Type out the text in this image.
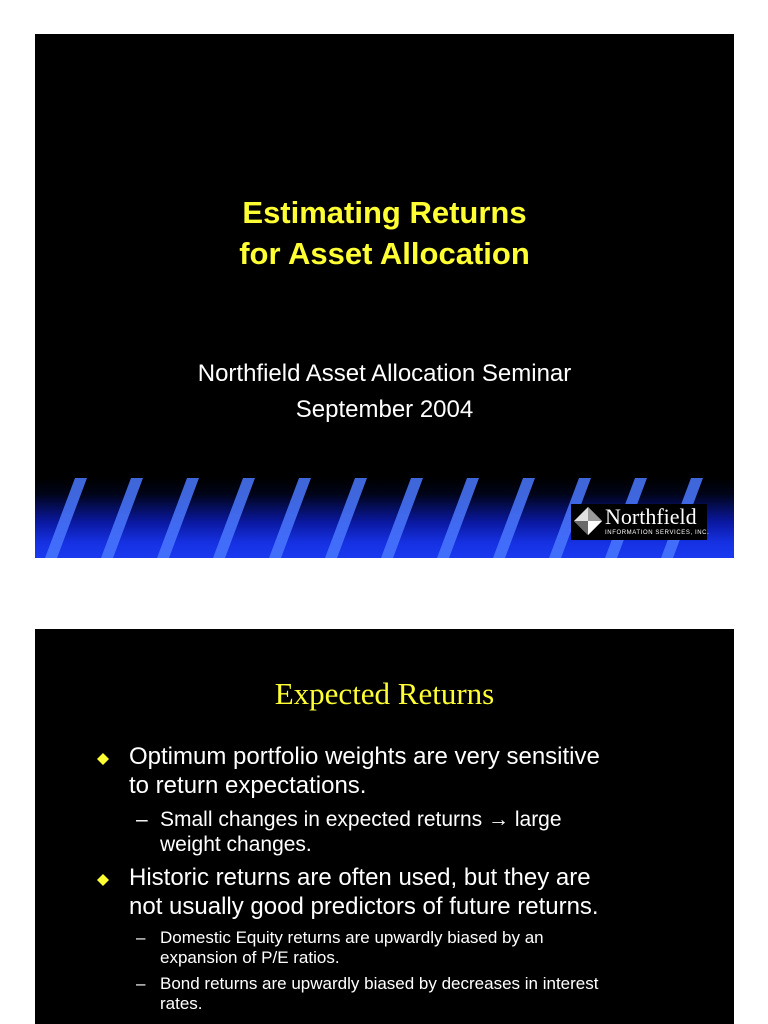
Estimating Returns
for Asset Allocation
Northfield Asset Allocation Seminar
September 2004
Northfield
INFORMATION SERVICES, INC.
Expected Returns
Optimum portfolio weights are very sensitive
to return expectations.
– Small changes in expected returns → large
weight changes.
Historic returns are often used, but they are
not usually good predictors of future returns.
– Domestic Equity returns are upwardly biased by an
expansion of P/E ratios.
– Bond returns are upwardly biased by decreases in interest
rates.
